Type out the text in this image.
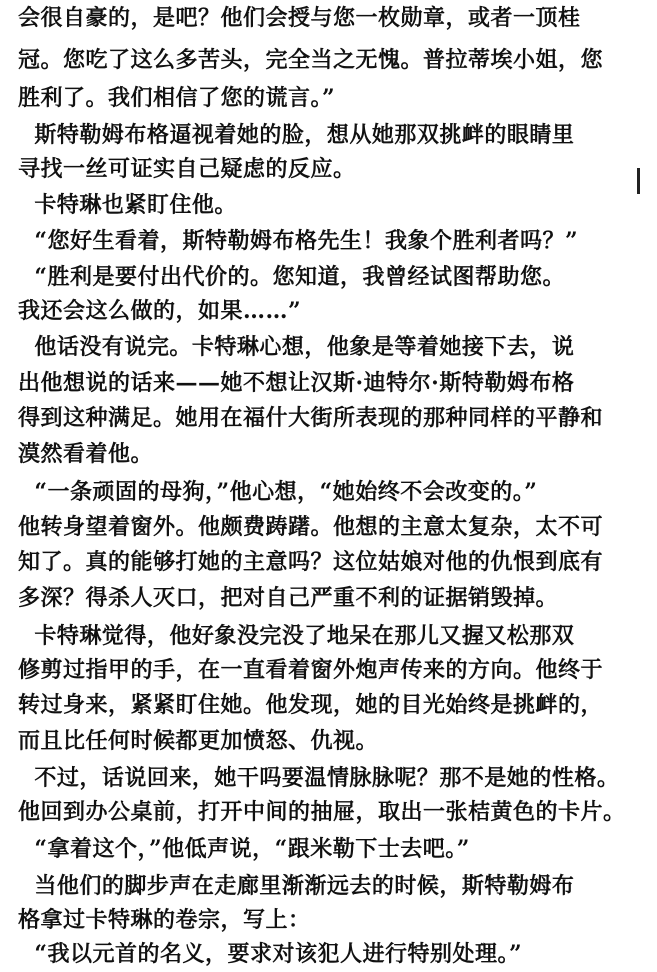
会很自豪的，是吧？他们会授与您一枚勋章，或者一顶桂
冠。您吃了这么多苦头，完全当之无愧。普拉蒂埃小姐，您
胜利了。我们相信了您的谎言。”
斯特勒姆布格逼视着她的脸，想从她那双挑衅的眼睛里
寻找一丝可证实自己疑虑的反应。
卡特琳也紧盯住他。
“您好生看着，斯特勒姆布格先生！我象个胜利者吗？”
“胜利是要付出代价的。您知道，我曾经试图帮助您。
我还会这么做的，如果……”
他话没有说完。卡特琳心想，他象是等着她接下去，说
出他想说的话来——她不想让汉斯·迪特尔·斯特勒姆布格
得到这种满足。她用在福什大街所表现的那种同样的平静和
漠然看着他。
“一条顽固的母狗，”他心想，“她始终不会改变的。”
他转身望着窗外。他颇费踌躇。他想的主意太复杂，太不可
知了。真的能够打她的主意吗？这位姑娘对他的仇恨到底有
多深？得杀人灭口，把对自己严重不利的证据销毁掉。
卡特琳觉得，他好象没完没了地呆在那儿又握又松那双
修剪过指甲的手，在一直看着窗外炮声传来的方向。他终于
转过身来，紧紧盯住她。他发现，她的目光始终是挑衅的，
而且比任何时候都更加愤怒、仇视。
不过，话说回来，她干吗要温情脉脉呢？那不是她的性格。
他回到办公桌前，打开中间的抽屉，取出一张桔黄色的卡片。
“拿着这个，”他低声说，“跟米勒下士去吧。”
当他们的脚步声在走廊里渐渐远去的时候，斯特勒姆布
格拿过卡特琳的卷宗，写上：
“我以元首的名义，要求对该犯人进行特别处理。”
